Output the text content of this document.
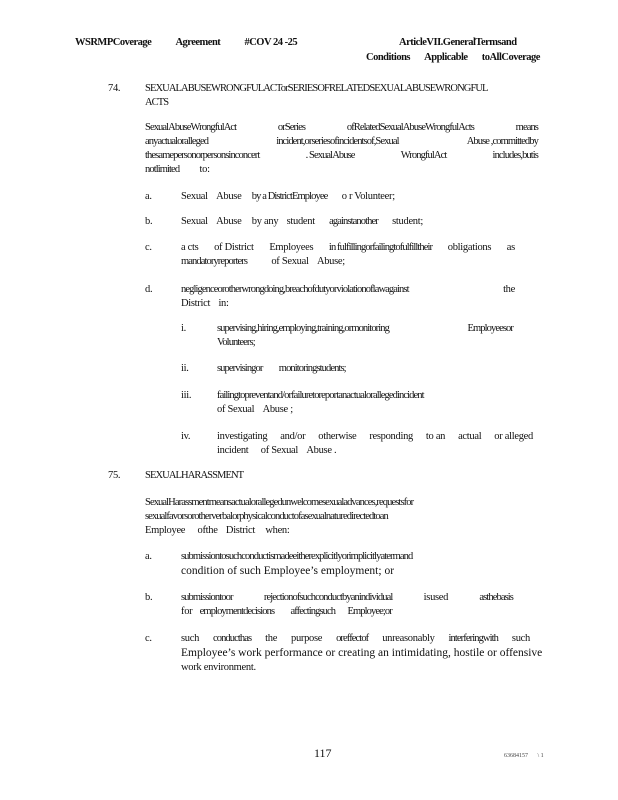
WSRMPCoverage Agreement #COV 24 -25	ArticleVII.GeneralTermsand
Conditions Applicable toAllCoverage
74. SEXUALABUSEWRONGFULACTorSERIESOFRELATEDSEXUALABUSEWRONGFUL
ACTS
SexualAbuseWrongfulAct	orSeries	ofRelatedSexualAbuseWrongfulActs	means
anyactualoralleged	incident,orseriesofincidentsof,Sexual	Abuse ,committedby
thesamepersonorpersonsinconcert	. SexualAbuse	WrongfulAct	includes,butis
notlimited to:
a.	Sexual Abuse by a DistrictEmployee o r Volunteer;
b.	Sexual Abuse by any student againstanother student;
c.	a cts of District Employees in fulfillingorfailingtofulfilltheir obligations as
mandatoryreporters of Sexual Abuse;
d.	negligenceorotherwrongdoing,breachofdutyorviolationoflawagainst	the
District in:
i.	supervising,hiring,employing,training,ormonitoring	Employeesor
Volunteers;
ii.	supervisingor monitoringstudents;
iii. failingtopreventand/orfailuretoreportanactualorallegedincident
of Sexual Abuse ;
iv.	investigating and/or otherwise responding to an actual or alleged
incident of Sexual Abuse .
75. SEXUALHARASSMENT
SexualHarassmentmeansactualorallegedunwelcomesexualadvances,requestsfor
sexualfavorsorotherverbalorphysicalconductofasexualnaturedirectedtoan
Employee ofthe District when:
a.	submissiontosuchconductismadeeitherexplicitlyorimplicitlyatermand
condition of such Employee’s employment; or
b.	submissiontoor	rejectionofsuchconductbyanindividual	isused	asthebasis
for employmentdecisions affectingsuch Employee;or
c.	such conducthas the purpose oreffectof unreasonably interferingwith such
Employee’s work performance or creating an intimidating, hostile or offensive
work environment.
117	63684157 \ 1
